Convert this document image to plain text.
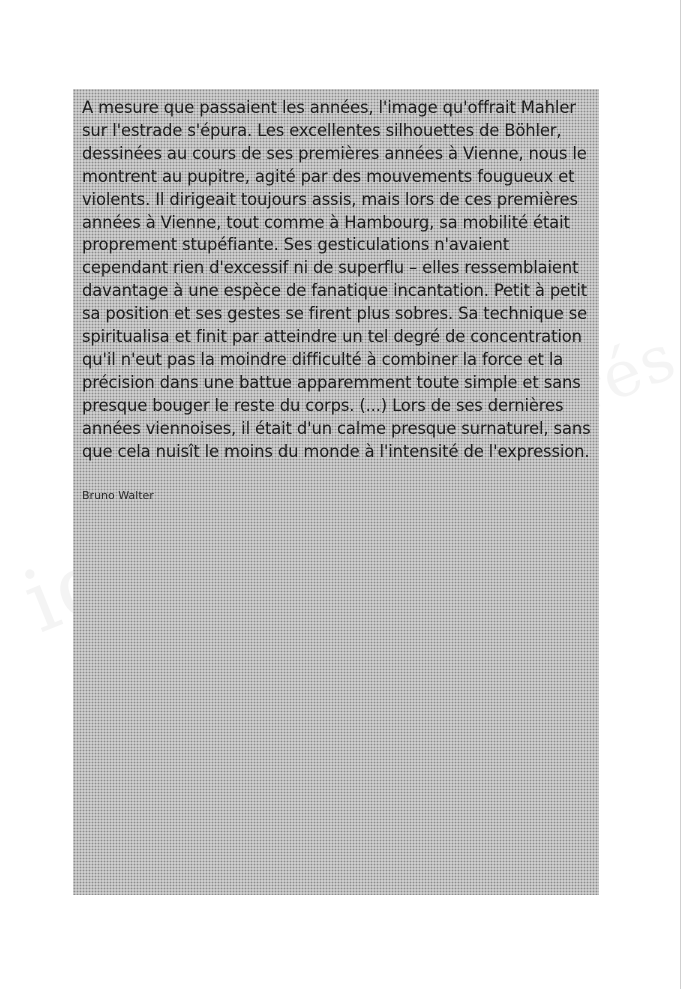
A mesure que passaient les années, l'image qu'offrait Mahler sur l'estrade s'épura. Les excellentes silhouettes de Böhler, dessinées au cours de ses premières années à Vienne, nous le montrent au pupitre, agité par des mouvements fougueux et violents. Il dirigeait toujours assis, mais lors de ces premières années à Vienne, tout comme à Hambourg, sa mobilité était proprement stupéfiante. Ses gesticulations n'avaient cependant rien d'excessif ni de superflu – elles ressemblaient davantage à une espèce de fanatique incantation. Petit à petit sa position et ses gestes se firent plus sobres. Sa technique se spiritualisa et finit par atteindre un tel degré de concentration qu'il n'eut pas la moindre difficulté à combiner la force et la précision dans une battue apparemment toute simple et sans presque bouger le reste du corps. (...) Lors de ses dernières années viennoises, il était d'un calme presque surnaturel, sans que cela nuisît le moins du monde à l'intensité de l'expression.

Bruno Walter
